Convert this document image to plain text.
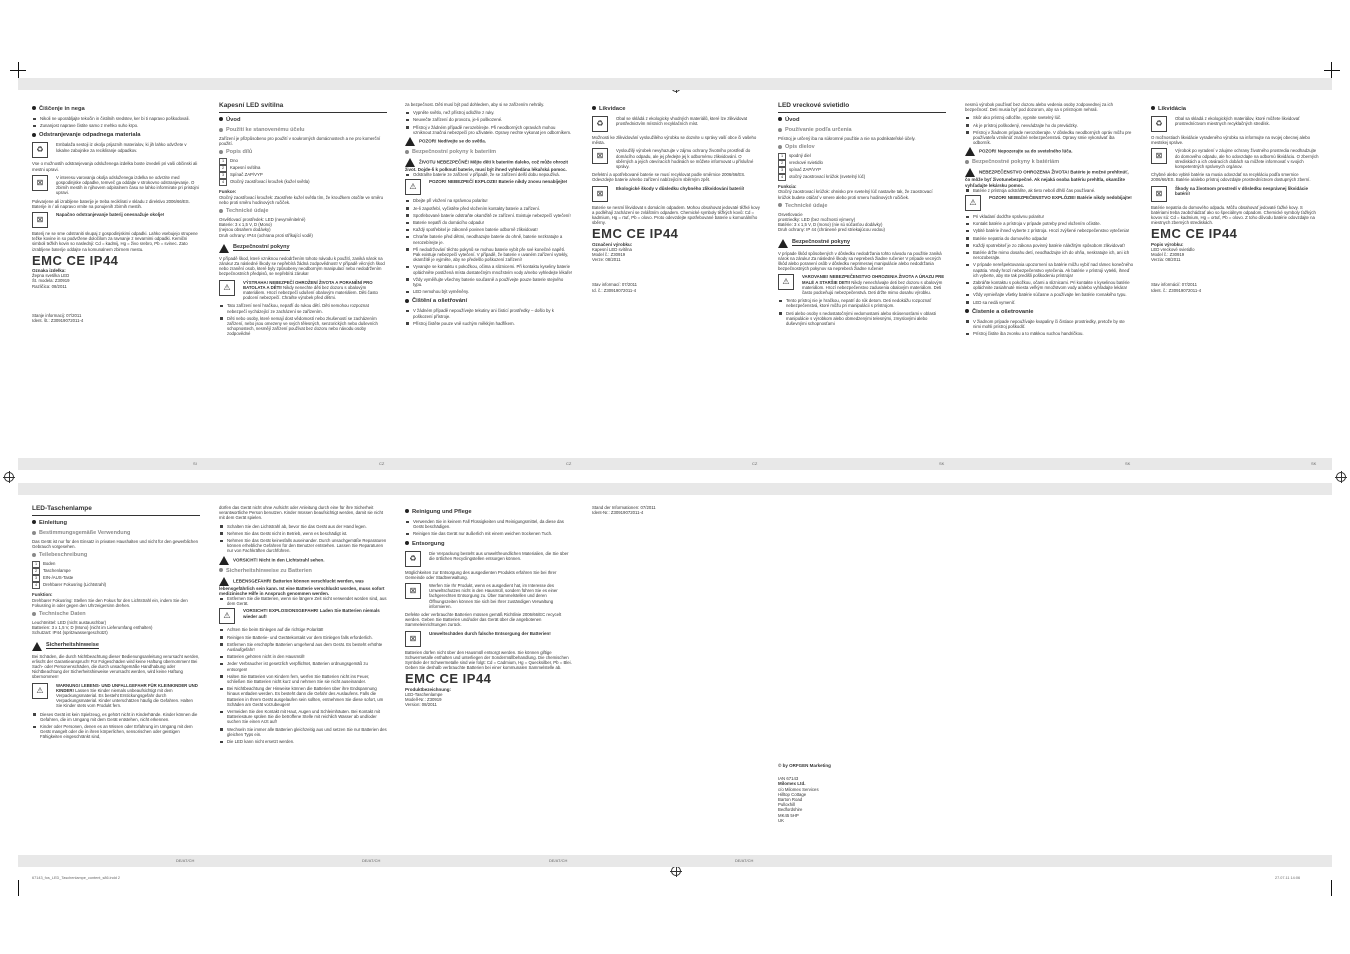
SI	CZ	CZ	CZ	SK	SK	SK
DE/AT/CH	DE/AT/CH	DE/AT/CH	DE/AT/CH
67143_fos_LED_Taschenlampe_content_s86.indd 2	27.07.11 14:06
Čiščenje in nega
Nikoli ne uporabljajte tekočin in čistilnih sredstev, ker bi ti napravo poškodovali.
Zunanjost naprave čistite samo z mehko suho krpo.
Odstranjevanje odpadnega materiala
♻
Embalaža sestoji iz okolju prijaznih materialov, ki jih lahko odvržete v lokalne zabojnike za recikliranje odpadkov.

Vse o možnostih odstranjevanja odsluženega izdelka boste izvedeli pri vaši občinski ali mestni upravi.

⊠
V interesu varovanja okolja odsluženega izdelka ne odvrzite med gospodinjske odpadke, temveč ga oddajte v strokovno odstranjevanje. O zbirnih mestih in njihovem odpiralnem času se lahko informirate pri pristojni upravi.

Pokvarjene ali izrabljene baterije je treba reciklirati v skladu z direktivo 2006/66/ES. Baterije in / ali napravo vrnite na ponujenih zbirnih mestih.

⊠
Napačno odstranjevanje baterij onesnažuje okolje!

Baterij ne se sme odstraniti skupaj z gospodinjskimi odpadki. Lahko vsebujejo strupene težke kovine in so podvržene določilom za ravnanje z nevarnimi odpadki. Kemični simboli težkih kovin so naslednji: Cd = kadmij, Hg = živo srebro, Pb = svinec. Zato izrabljene baterije oddajte na komunalnem zbirnem mestu.

EMC CE IP44
Oznaka izdelka:
Žepna svetilka LED
Št. modela: Z30919
Različica: 08/2011
Stanje informacij: 07/2011
Ident. št.: Z30919072011-4
Kapesní LED svítilna
Úvod
Použití ke stanovenému účelu

Zařízení je přizpůsobeno pro použití v soukromých domácnostech a ne pro komerční použití.

Popis dílů
1	Dno
2	Kapesní svítilna
3	Spínač ZAP/VYP
4	Otočný zaostřovací kroužek (kužel světla)
Funkce:

Otočný zaostřovací kroužek: Zaostřete kužel světla tím, že kroužkem otočíte ve směru nebo proti směru hodinových ručiček.

Technické údaje
Osvětlovací prostředek: LED (nevyměnitelné)
Baterie: 3 x 1,5 V, D (Mono)
(nejsou obsahem dodávky)
Druh ochrany: IP44 (ochrana proti stříkající vodě)
Bezpečnostní pokyny

V případě škod, které vzniknou nedodržením tohoto návodu k použití, zaniká nárok na záruku! Za následné škody se nepřebírá žádná zodpovědnost! V případě věcných škod nebo zranění osob, které byly způsobeny neodborným manipulací nebo nedodržením bezpečnostních předpisů, se nepřebírá záruka!

⚠
VÝSTRAHA! NEBEZPEČÍ OHROŽENÍ ŽIVOTA A PORANĚNÍ PRO BATOLATA A DĚTI! Nikdy nenechte děti bez dozoru s obalovým materiálem. Hrozí nebezpečí udušení obalovým materiálem. Děti často podcení nebezpečí. Chraňte výrobek před dětmi.
Tato zařízení není hračkou, nepatří do rukou dětí. Děti nemohou rozpoznat nebezpečí vycházející ze zacházení se zařízením.
Děti nebo osoby, které nemají dost vědomostí nebo zkušeností se zacházením zařízení, nebo jsou omezeny ve svých tělesných, senzorických nebo duševních schopnostech, nesmějí zařízení používat bez dozoru nebo návodu osoby zodpovědné

za bezpečnost. Děti musí být pod dohledem, aby si se zařízením nehrály.

Vypněte světlo, než přístroj odložíte z ruky.
Neuvečte zařízení do provozu, je-li poškozené.
Přístroj v žádném případě nerozebírejte. Při neodborných opravách mohou vzniknout značná nebezpečí pro uživatele. Opravy nechte vykonat jen odborníkem.
POZOR! Nedívejte se do světla.
Bezpečnostní pokyny k bateriím
ŽIVOTU NEBEZPEČNÉ! Mějte děti k bateriím daleko, což může ohrozit život. Dojde-li k polknutí baterie, musí být ihned vyhledána lékařská pomoc.
Odstraňte baterie ze zařízení v případě, že se zařízení delší dobu nepoužívá.
⚠
POZOR! NEBEZPEČÍ EXPLOZE! Baterie nikdy znovu nenabíjejte!
Dbejte při vložení na správnou polaritu!
Je-li zapotřebí, vyčistěte před vložením kontakty baterie a zařízení.
Spotřebované baterie odstraňte okamžitě ze zařízení. Existuje nebezpečí vytečení!
Baterie nepatří do domácího odpadu!
Každý spotřebitel je zákonně povinen baterie odborně zlikvidovat!
Chraňte baterie před dětmi, neodhazujte baterie do ohně, baterie nezkratujte a nerozebírejte je.
Při nedodržování těchto pokynů se mohou baterie vybít pře své konečné napětí. Pak existuje nebezpečí vytečení. V případě, že baterie v uvaném zařízení vytekly, okamžitě je vyjměte, aby se předešlo poškození zařízení!
Vyvarujte se kontaktu s pokožkou, očima a sliznicemi. Při kontaktu kyseliny baterie opláchněte postižená místa dostatečným množstvím vody a/nebo vyhledejte lékaře!
Vždy vyměňujte všechny baterie současně a používejte pouze baterie stejného typu.
LED nemohou být vyměněny.
Čištění a ošetřování
V žádném případě nepoužívejte tekutiny ani čisticí prostředky – došlo by k poškození přístroje.
Přístroj čistěte pouze vně suchým měkkým hadříkem.
Likvidace
♻
Obal se skládá z ekologicky vhodných materiálů, které lze zlikvidovat prostřednictvím místních recyklačních míst.

Možnosti ke zlikvidování vysloužilého výrobku se dozvíte u správy vaší obce či vašeho města.

⊠
Vysloužilý výrobek nevyhazujte v zájmu ochrany životního prostředí do domácího odpadu, ale jej předejte jej k odbornému zlikvidování. O sběrných a jejich otevíracích hodinách se můžete informovat u příslušné správy.

Defektní a opotřebované baterie se musí recyklovat podle směrnice 2006/66/ES. Odevzdejte baterie a/nebo zařízení nabízejícím sběrným zpět.

⊠
Ekologické škody v důsledku chybného zlikvidování baterií!

Baterie se nesmí likvidovat s domácím odpadem. Mohou obsahovat jedovaté těžké kovy a podléhají zacházení se zvláštním odpadem. Chemické symboly těžkých kovů: Cd = kadmium, Hg = rtuť, Pb = olovo. Proto odevzdejte spotřebované baterie u komunálního sběrny.

EMC CE IP44
Označení výrobku:
Kapesní LED svítilna
Model č.: Z30919
Verze: 08/2011
Stav informací: 07/2011
Id. č.: Z30919072011-4
LED vreckové svietidlo
Úvod
Používanie podľa určenia

Prístroj je určený iba na súkromné použitie a nie na podnikateľské účely.

Opis dielov
1	spodný diel
2	vreckové svietidlo
3	spínač ZAP/VYP
4	otočný zaostrovací krúžok (svetelný lúč)
Funkcia:

Otočný zaostrovací krúžok: ohnisko pre svetelný lúč nastavíte tak, že zaostrovací krúžok budete otáčať v smere alebo proti smeru hodinových ručičiek.

Technické údaje
Osvetlovacie
prostriedky: LED (bez možnosti výmeny)
Batérie: 3 x 1,5 V, D (mono) (nie sú súčasťou dodávky)
Druh ochrany: IP 44 (chránené pred striekajúcou vodou)
Bezpečnostné pokyny

V prípade škôd spôsobených v dôsledku nedodržania tohto návodu na použitie zaniká nárok na záruku! Za následné škody sa nepreberá žiadne ručenie! V prípade vecných škôd alebo poranení osôb v dôsledku neprimeraej manipulácie alebo nedodržania bezpečnostných pokynov sa nepreberá žiadne ručenie!

⚠
VAROVANIE! NEBEZPEČENSTVO OHROZENIA ŽIVOTA A ÚRAZU PRE MALÉ A STARŠIE DETI! Nikdy nenechávajte deti bez dozoru s obalovým materiálom. Hrozí nebezpečenstvo zadusenia obalovým materiálom. Deti často podceňujú nebezpečenstvá. Deti držte mimo dosahu výrobku.
Tento prístroj nie je hračkou, nepatrí do rúk detom. Deti nedokážu rozpoznať nebezpečenstvá, ktoré môžu pri manipulácii s prístrojom.
Deti alebo osoby s nedostatočnými vedomostami alebo skúsenosťami v oblasti manipulácie s výrobkom alebo obmedzenými telesnými, zmyslovými alebo duševnými schopnosťami

nesmú výrobok používať bez dozoru alebo vedenia osoby zodpovednej za ich bezpečnosť. Deti musia byť pod dozorom, aby sa s prístrojom nehrali.

Skôr ako prístroj odložíte, vypnite svetelný lúč.
Ak je prístroj poškodený, nevvádzajte ho do prevádzky.
Prístroj v žiadnom prípade nerozoberajte. V dôsledku neodborných opráv môžu pre používateľa vzniknúť značné nebezpečenstvá. Opravy smie vykonávať iba odborník.
POZOR! Nepozerajte sa do svetelného lúča.
Bezpečnostné pokyny k batériám
NEBEZPEČENSTVO OHROZENIA ŽIVOTA! Batérie je možné prehltnúť, čo môže byť životunebezpečné. Ak nejaká osoba batériu prehltla, okamžite vyhľadajte lekársku pomoc.
Batérie z prístroja odstráňte, ak tieto nebolí dlhší čas používané.
⚠
POZOR! NEBEZPEČENSTVO EXPLÓZIE! Batérie nikdy nedobíjajte!
Pri vkladaní dodržte správnu polaritu!
Kontakt batérie a prístroja v prípade potreby pred vložením očistite.
Vybité batérie ihneď vyberte z prístroja. Hrozí zvýšené nebezpečenstvo vytečenia!
Batérie nepatria do domového odpadu!
Každý spotrebiteľ je zo zákona povinný batérie náležitým spôsobom zlikvidovať!
Batérie držte mimo dosahu detí, neodhadzujte ich do ohňa, neskratujte ich, ani ich nerozoberajte.
V prípade nerešpektovania upozornení sa batérie môžu vybiť nad rámec konečného napätia. Vtedy hrozí nebezpečenstvo vytečenia. Ak batérie v prístroji vytekli, ihneď ich vyberte, aby ste tak predišli poškodeniu prístroja!
Zabráňte kontaktu s pokožkou, očami a sliznicami. Pri kontakte s kyselinou batérie opláchnite zasiahnuté miesta veľkým množstvom vody a/alebo vyhľadajte lekára!
Vždy vymieňajte všetky batérie súčasne a používajte len batérie rovnakého typu.
LED sa nedá vymeniť.
Čistenie a ošetrovanie
V žiadnom prípade nepoužívajte kvapaliny či čistiace prostriedky, pretože by ste nimi mohli prístroj poškodiť.
Prístroj čistite iba zvonku a to mäkkou suchou handričkou.
Likvidácia
♻
Obal sa skladá z ekologických materiálov, ktoré môžete likvidovať prostredníctvom miestnych recyklačných stredísk.

O možnostiach likvidácie vyradeného výrobku sa informujte na svojej obecnej alebo mestskej správe.

⊠
Výrobok po vyradení v záujme ochrany životného prostredia neodhadzujte do domového odpadu, ale ho odovzdajte na odbornú likvidáciu. O zberných strediskách a ich otváracích dobách sa môžete informovať v svojich kompetentných správnych orgánov.

Chybné alebo vybité batérie sa musia odovzdať na recykláciu podľa smernice 2006/66/ES. Batérie a/alebo prístroj odovzdajte prostredníctvom dostupných zberní.

⊠
Škody na životnom prostredí v dôsledku nesprávnej likvidácie batérií!

Batérie nepatria do domového odpadu. Môžu obsahovať jedovaté ťažké kovy. S batériami treba zaobchádzať ako so špeciálnym odpadom. Chemické symboly ťažkých kovov sú: Cd = kadmium, Hg = ortuť, Pb = olovo. Z toho dôvodu batérie odovzdajte na miestnych zberných strediskách.

EMC CE IP44
Popis výrobku:
LED vreckové svietidlo
Model č.: Z30919
Verzia: 08/2011
Stav informácií: 07/2011
Ident. č.: Z30919072011-4
LED-Taschenlampe
Einleitung
Bestimmungsgemäße Verwendung

Das Gerät ist nur für den Einsatz in privaten Haushalten und nicht für den gewerblichen Gebrauch vorgesehen.

Teilebeschreibung
1	Boden
2	Taschenlampe
3	EIN-/AUS-Taste
4	Drehbarer Fokusring (Lichtstrahl)
Funktion:

Drehbarer Fokusring: Stellen Sie den Fokus für den Lichtstrahl ein, indem Sie den Fokusring in oder gegen den Uhrzeigersinn drehen.

Technische Daten
Leuchtmittel: LED (nicht austauschbar)
Batterien: 3 x 1,5 V, D (Mono) (nicht im Lieferumfang enthalten)
Schutzart: IP44 (spritzwassergeschützt)
Sicherheitshinweise

Bei Schäden, die durch Nichtbeachtung dieser Bedienungsanleitung verursacht werden, erlischt der Garantieanspruch! Für Folgeschäden wird keine Haftung übernommen! Bei Sach- oder Personenschäden, die durch unsachgemäße Handhabung oder Nichtbeachtung der Sicherheitshinweise verursacht werden, wird keine Haftung übernommen!

⚠
WARNUNG! LEBENS- UND UNFALLGEFAHR FÜR KLEINKINDER UND KINDER! Lassen Sie Kinder niemals unbeaufsichtigt mit dem Verpackungsmaterial. Es besteht Erstickungsgefahr durch Verpackungsmaterial. Kinder unterschätzen häufig die Gefahren. Halten Sie Kinder stets vom Produkt fern.
Dieses Gerät ist kein Spielzeug, es gehört nicht in Kinderhände. Kinder können die Gefahren, die im Umgang mit dem Gerät entstehen, nicht erkennen.
Kinder oder Personen, denen es an Wissen oder Erfahrung im Umgang mit dem Gerät mangelt oder die in ihren körperlichen, sensorischen oder geistigen Fähigkeiten eingeschränkt sind,

dürfen das Gerät nicht ohne Aufsicht oder Anleitung durch eine für ihre Sicherheit verantwortliche Person benutzen. Kinder müssen beaufsichtigt werden, damit sie nicht mit dem Gerät spielen.

Schalten Sie den Lichtstrahl ab, bevor Sie das Gerät aus der Hand legen.
Nehmen Sie das Gerät nicht in Betrieb, wenn es beschädigt ist.
Nehmen Sie das Gerät keinesfalls auseinander. Durch unsachgemäße Reparaturen können erhebliche Gefahren für den Benutzer entstehen. Lassen Sie Reparaturen nur von Fachkräften durchführen.
VORSICHT! Nicht in den Lichtstrahl sehen.
Sicherheitshinweise zu Batterien
LEBENSGEFAHR! Batterien können verschluckt werden, was lebensgefährlich sein kann. Ist eine Batterie verschluckt worden, muss sofort medizinische Hilfe in Anspruch genommen werden.
Entfernen Sie die Batterien, wenn sie längere Zeit nicht verwendet worden sind, aus dem Gerät.
⚠
VORSICHT! EXPLOSIONSGEFAHR! Laden Sie Batterien niemals wieder auf!
Achten Sie beim Einlegen auf die richtige Polarität!
Reinigen Sie Batterie- und Gerätekontakt vor dem Einlegen falls erforderlich.
Entfernen Sie erschöpfte Batterien umgehend aus dem Gerät. Es besteht erhöhte Auslaufgefahr!
Batterien gehören nicht in den Hausmüll!
Jeder Verbraucher ist gesetzlich verpflichtet, Batterien ordnungsgemäß zu entsorgen!
Halten Sie Batterien von Kindern fern, werfen Sie Batterien nicht ins Feuer, schließen Sie Batterien nicht kurz und nehmen Sie sie nicht auseinander.
Bei Nichtbeachtung der Hinweise können die Batterien über ihre Endspannung hinaus entladen werden. Es besteht dann die Gefahr des Auslaufens. Falls die Batterien in Ihrem Gerät ausgelaufen sein sollten, entnehmen Sie diese sofort, um Schäden am Gerät vorzubeugen!
Vermeiden Sie den Kontakt mit Haut, Augen und Schleimhäuten. Bei Kontakt mit Batteriesäure spülen Sie die betroffene Stelle mit reichlich Wasser ab und/oder suchen Sie einen Arzt auf!
Wechseln Sie immer alle Batterien gleichzeitig aus und setzen Sie nur Batterien des gleichen Typs ein.
Die LED kann nicht ersetzt werden.
Reinigung und Pflege
Verwenden Sie in keinem Fall Flüssigkeiten und Reinigungsmittel, da diese das Gerät beschädigen.
Reinigen Sie das Gerät nur äußerlich mit einem weichen trockenen Tuch.
Entsorgung
♻
Die Verpackung besteht aus umweltfreundlichen Materialien, die Sie über die örtlichen Recyclingstellen entsorgen können.

Möglichkeiten zur Entsorgung des ausgedienten Produkts erfahren Sie bei Ihrer Gemeinde oder Stadtverwaltung.

⊠
Werfen Sie Ihr Produkt, wenn es ausgedient hat, im Interesse des Umweltschutzes nicht in den Hausmüll, sondern führen Sie es einer fachgerechten Entsorgung zu. Über Sammelstellen und deren Öffnungszeiten können Sie sich bei Ihrer zuständigen Verwaltung informieren.

Defekte oder verbrauchte Batterien müssen gemäß Richtlinie 2006/66/EC recycelt werden. Geben Sie Batterien und/oder das Gerät über die angebotenen Sammeleinrichtungen zurück.

⊠
Umweltschäden durch falsche Entsorgung der Batterien!

Batterien dürfen nicht über den Hausmüll entsorgt werden. Sie können giftige Schwermetalle enthalten und unterliegen der Sondermüllbehandlung. Die chemischen Symbole der Schwermetalle sind wie folgt: Cd = Cadmium, Hg = Quecksilber, Pb = Blei. Geben Sie deshalb verbrauchte Batterien bei einer kommunalen Sammelstelle ab.

EMC CE IP44
Produktbezeichnung:
LED-Taschenlampe
Modell-Nr.: Z30919
Version: 08/2011
Stand der Informationen: 07/2011
Ident-Nr.: Z30919072011-4
© by ORFGEN Marketing
IAN 67143
Milomex Ltd.
c/o Milomex Services
Hilltop Cottage
Barton Road
Pulloxhill
Bedfordshire
MK45 5HP
UK
